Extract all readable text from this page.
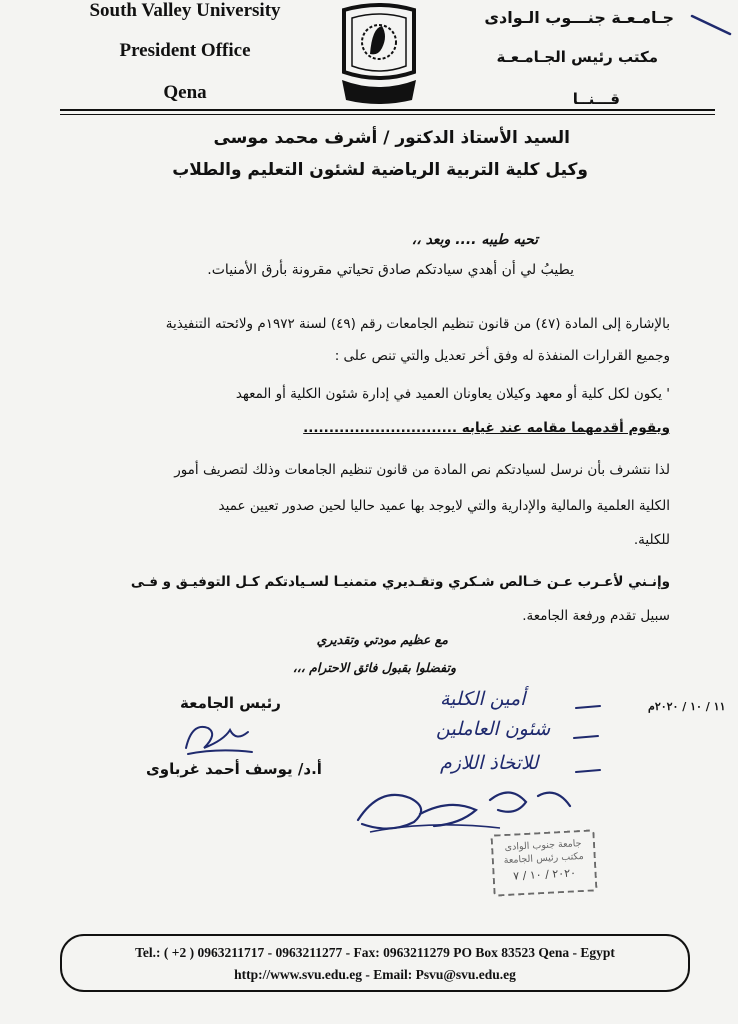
South Valley University
President Office
Qena
جـامـعـة جنـــوب الـوادى
مكتب رئيس الجـامـعـة
قـــنــا
السيد الأستاذ الدكتور / أشرف محمد موسى
وكيل كلية التربية الرياضية لشئون التعليم والطلاب
تحيه طيبه .... وبعد ،،
يطيبُ لي أن أهدي سيادتكم صادق تحياتي مقرونة بأرق الأمنيات.
بالإشارة إلى المادة (٤٧) من قانون تنظيم الجامعات رقم (٤٩) لسنة ١٩٧٢م ولائحته التنفيذية
وجميع القرارات المنفذة له وفق أخر تعديل والتي تنص على :
' يكون لكل كلية أو معهد وكيلان يعاونان العميد في إدارة شئون الكلية أو المعهد
ويقوم أقدمهما مقامه عند غيابه ..............................
لذا نتشرف بأن نرسل لسيادتكم نص المادة من قانون تنظيم الجامعات وذلك لتصريف أمور
الكلية العلمية والمالية والإدارية والتي لايوجد بها عميد حاليا لحين صدور تعيين عميد
للكلية.
وإنـني لأعـرب عـن خـالص شـكري وتقـديري متمنيـا لسـيادتكم كـل التوفيـق و فـى
سبيل تقدم ورفعة الجامعة.
مع عظيم مودتي وتقديري
وتفضلوا بقبول فائق الاحترام ،،،
رئيس الجامعة
أ.د/ يوسف أحمد غرباوى
١١ / ١٠ / ٢٠٢٠م
أمين الكلية
شئون العاملين
للاتخاذ اللازم
جامعة جنوب الوادى
مكتب رئيس الجامعة
٢٠٢٠ / ١٠ / ٧
Tel.: ( +2 ) 0963211717 - 0963211277 - Fax: 0963211279 PO Box 83523 Qena - Egypt
http://www.svu.edu.eg - Email: Psvu@svu.edu.eg
